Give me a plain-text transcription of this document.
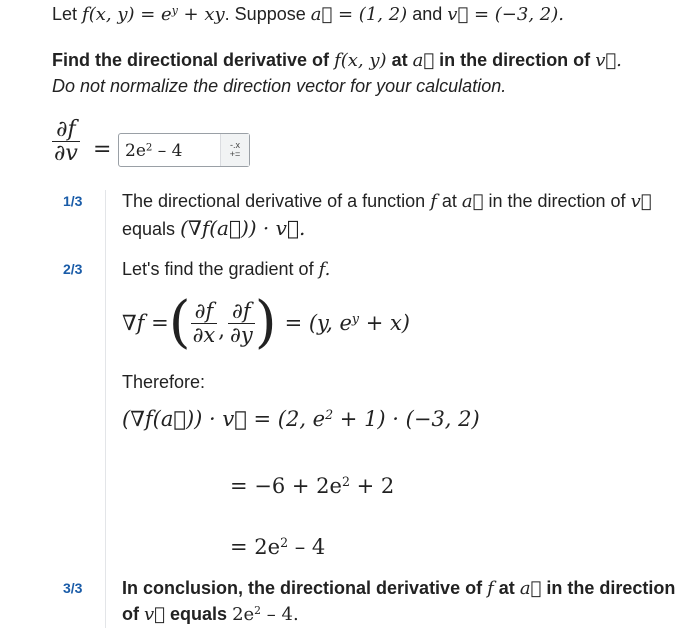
Let f(x, $y) = e^y$ + xy. Suppose a⃗ = (1, 2) and v⃗ = (−3, 2).
Find the directional derivative of f(x, y) at a⃗ in the direction of v⃗.
Do not normalize the direction vector for your calculation.
$\frac{\partial f}{\partial v} = 2e^2 - 4$	-.x
+=
1/3 The directional derivative of a function f at a⃗ in the direction of v⃗
equals (∇f(a⃗)) · v⃗.
2/3 Let's find the gradient of f.
∇f = ( $\frac{\partial f}{\partial x}$ , $\frac{\partial f}{\partial y}$ ) = (y, $e^y + x$)
Therefore:
(∇f(a⃗)) · v⃗ = (2, $e^2 + 1) \cdot (-3$, 2)
= $-6 + 2e^2 + 2$
= $2e^2 - 4$
3/3 In conclusion, the directional derivative of f at a⃗ in the direction
of v⃗ equals $2e^2 - 4$.
